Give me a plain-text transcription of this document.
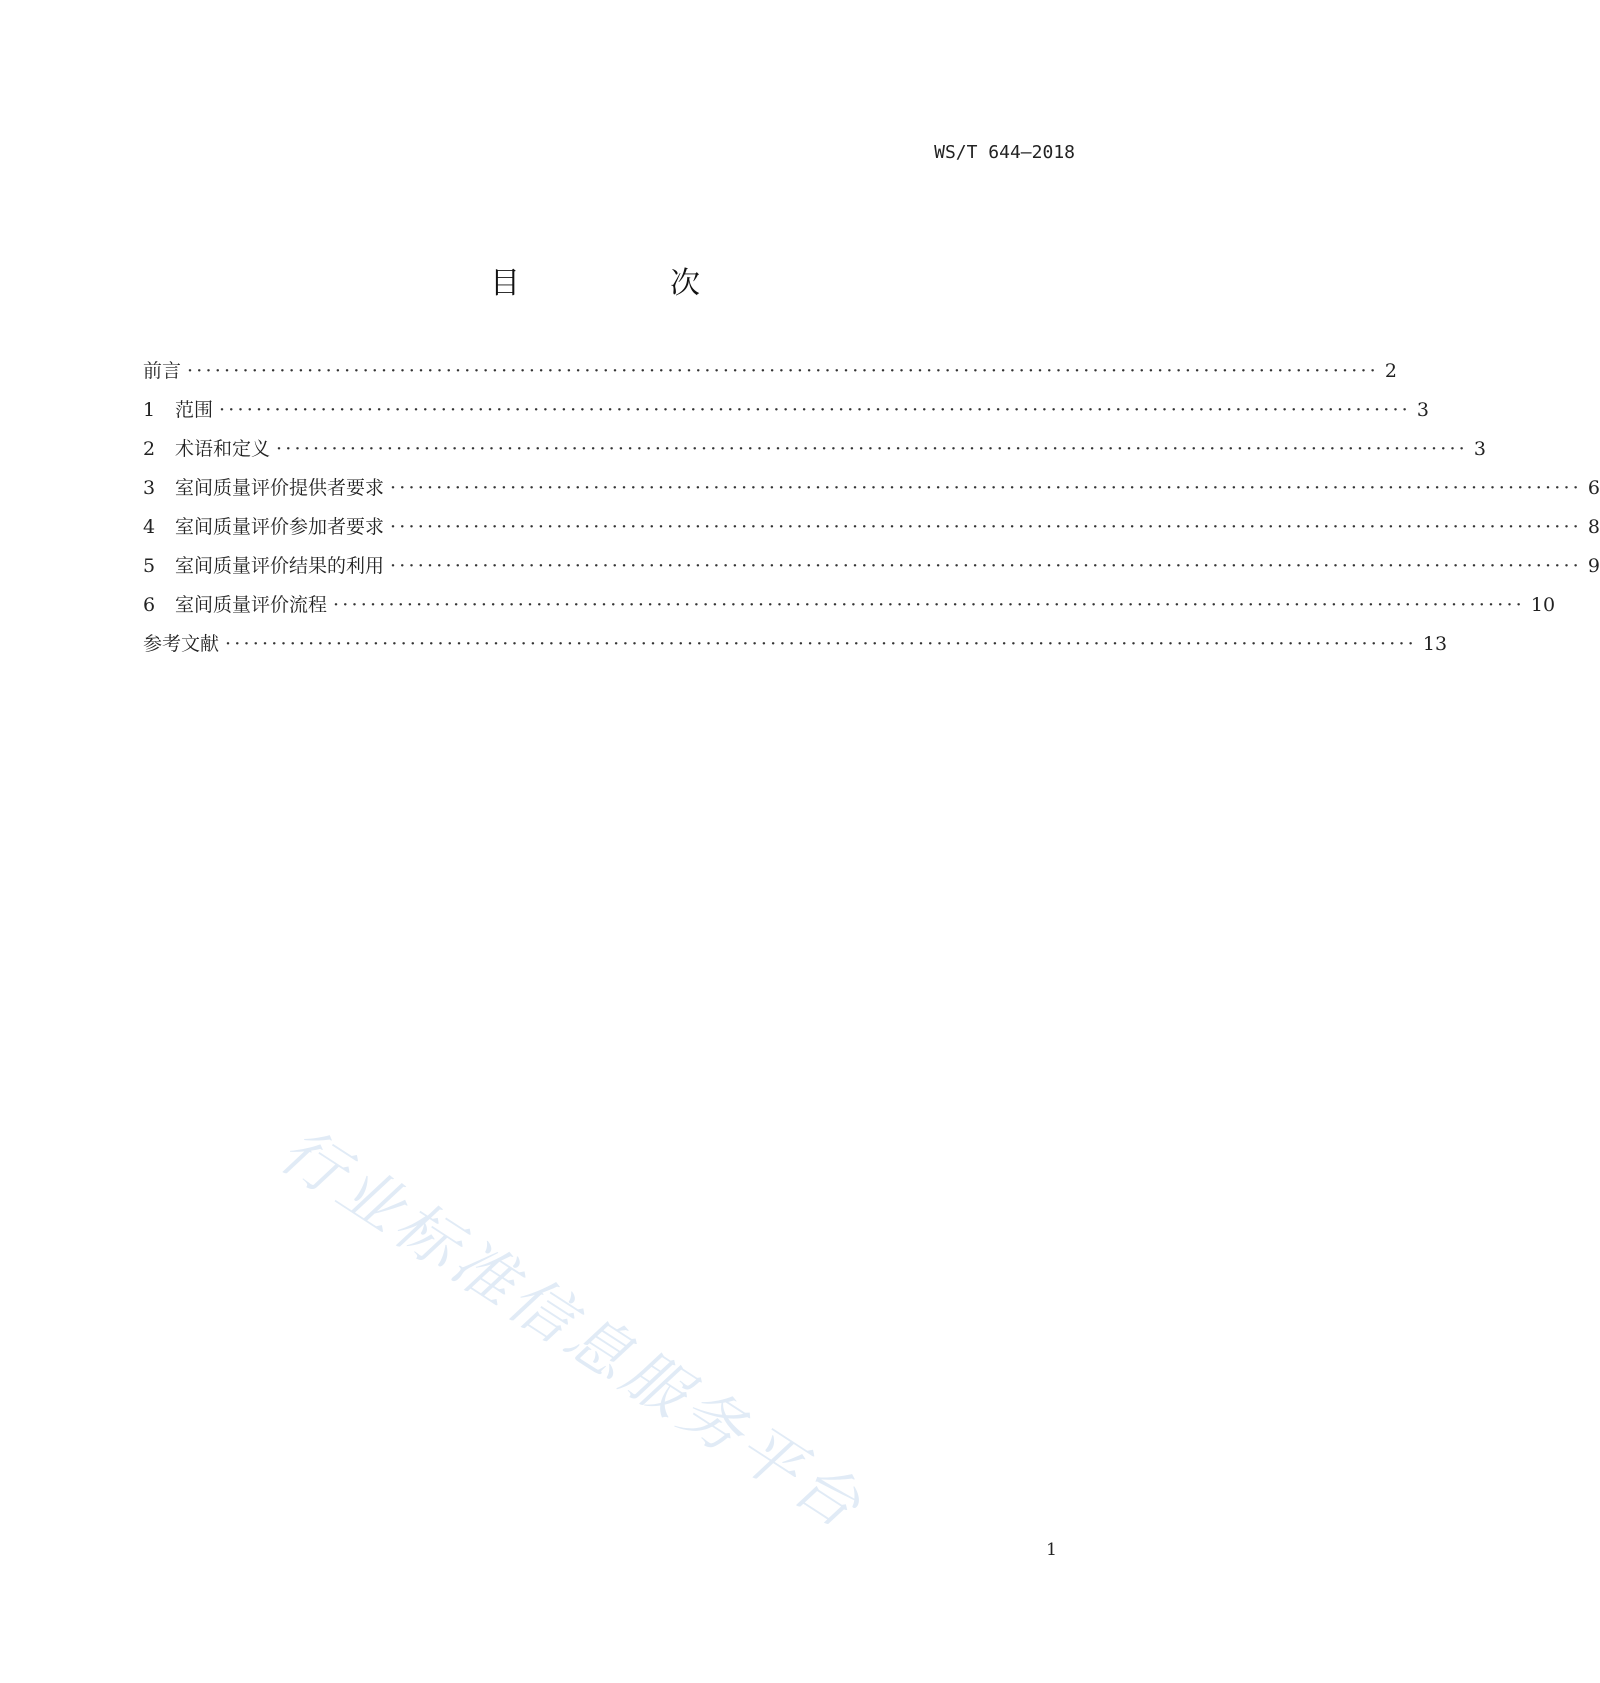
WS/T 644—2018
目　次
前言 ································································································································· 2
1	范围 ································································································································· 3
2	术语和定义 ································································································································· 3
3	室间质量评价提供者要求 ································································································································· 6
4	室间质量评价参加者要求 ································································································································· 8
5	室间质量评价结果的利用 ································································································································· 9
6	室间质量评价流程 ································································································································· 10
参考文献 ································································································································· 13
行业标准信息服务平台
1
